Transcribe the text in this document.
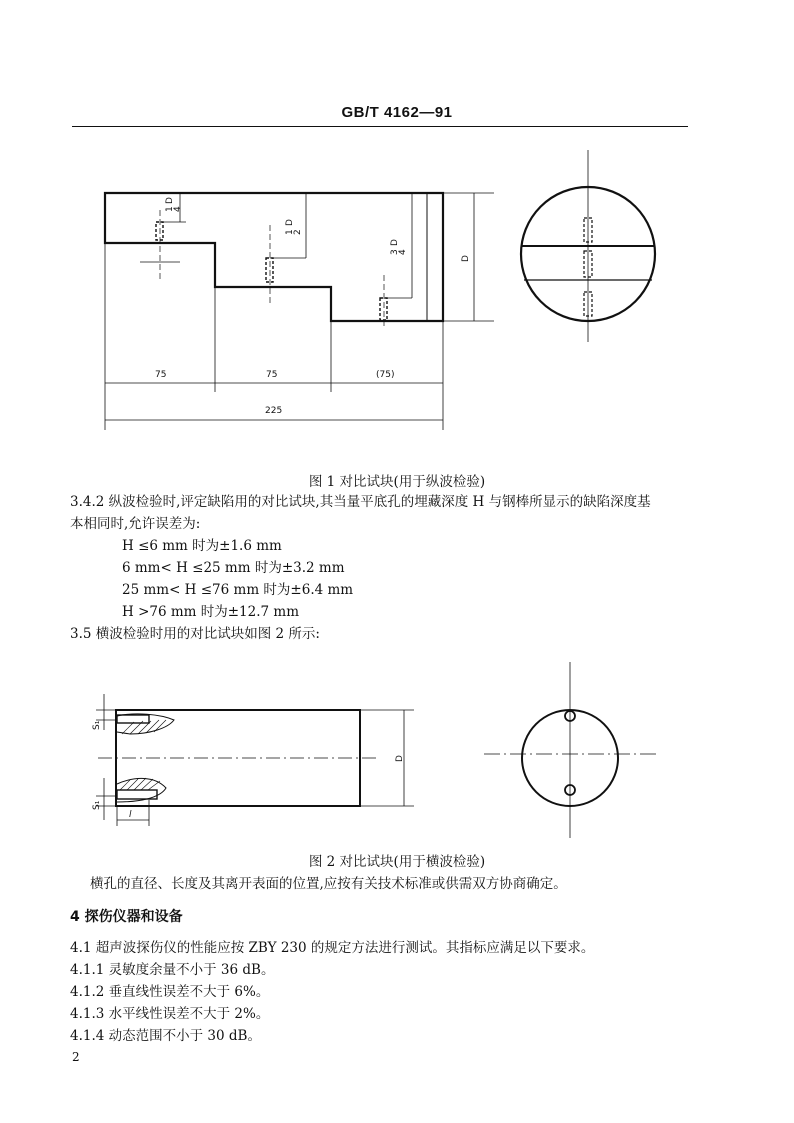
GB/T 4162—91
1
4
D
1
2
D
3
4
D
D
75	75	(75)
225
图 1 对比试块(用于纵波检验)
3.4.2 纵波检验时,评定缺陷用的对比试块,其当量平底孔的埋藏深度 H 与钢棒所显示的缺陷深度基
本相同时,允许误差为:
H ≤6 mm 时为±1.6 mm
6 mm< H ≤25 mm 时为±3.2 mm
25 mm< H ≤76 mm 时为±6.4 mm
H >76 mm 时为±12.7 mm
3.5 横波检验时用的对比试块如图 2 所示:
S₁
S₁
l
D
图 2 对比试块(用于横波检验)
横孔的直径、长度及其离开表面的位置,应按有关技术标准或供需双方协商确定。
4 探伤仪器和设备
4.1 超声波探伤仪的性能应按 ZBY 230 的规定方法进行测试。其指标应满足以下要求。
4.1.1 灵敏度余量不小于 36 dB。
4.1.2 垂直线性误差不大于 6%。
4.1.3 水平线性误差不大于 2%。
4.1.4 动态范围不小于 30 dB。
2
